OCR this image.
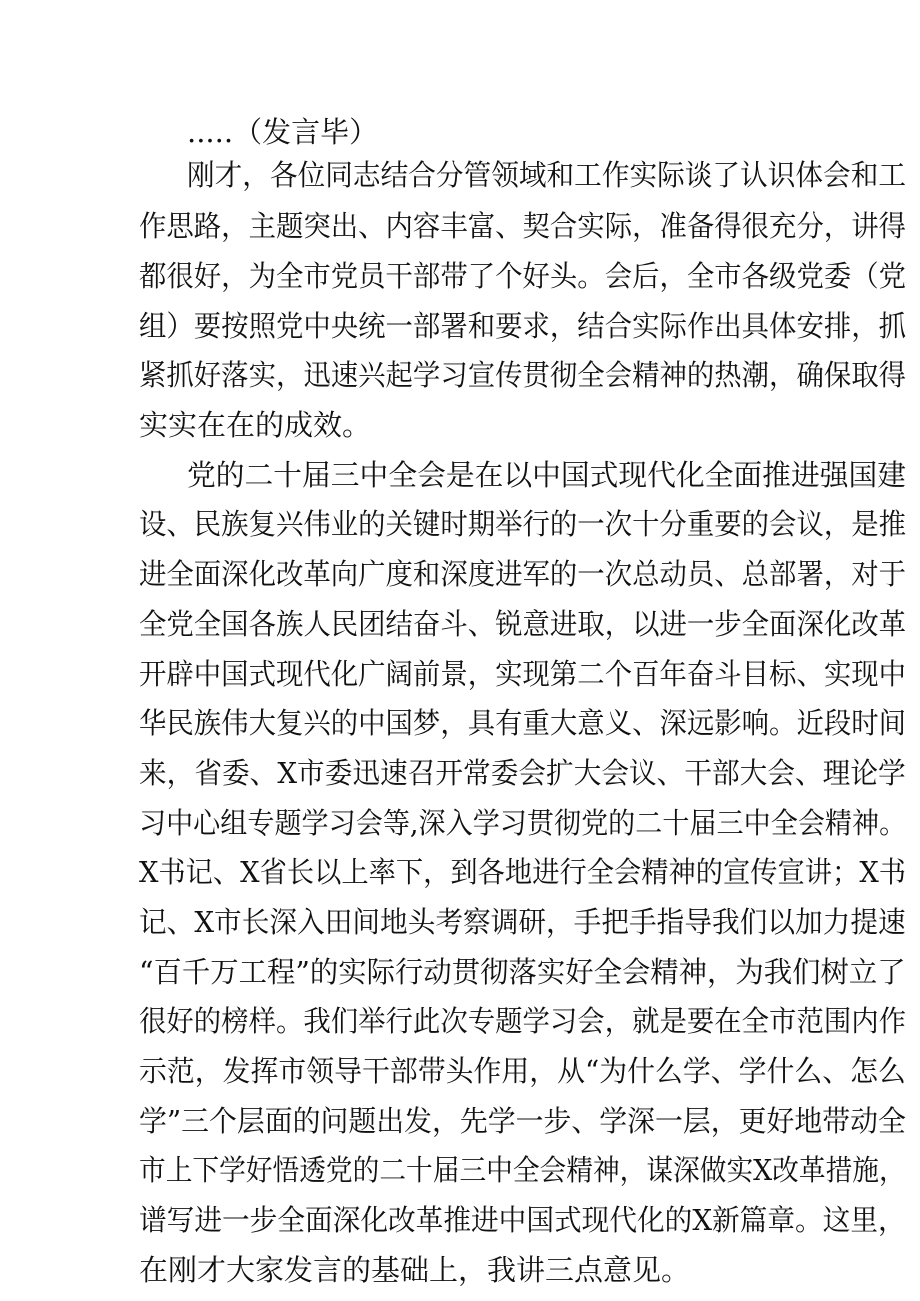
.....（发言毕）
刚才，各位同志结合分管领域和工作实际谈了认识体会和工
作思路，主题突出、内容丰富、契合实际，准备得很充分，讲得
都很好，为全市党员干部带了个好头。会后，全市各级党委（党
组）要按照党中央统一部署和要求，结合实际作出具体安排，抓
紧抓好落实，迅速兴起学习宣传贯彻全会精神的热潮，确保取得
实实在在的成效。
党的二十届三中全会是在以中国式现代化全面推进强国建
设、民族复兴伟业的关键时期举行的一次十分重要的会议，是推
进全面深化改革向广度和深度进军的一次总动员、总部署，对于
全党全国各族人民团结奋斗、锐意进取，以进一步全面深化改革
开辟中国式现代化广阔前景，实现第二个百年奋斗目标、实现中
华民族伟大复兴的中国梦，具有重大意义、深远影响。近段时间
来，省委、X市委迅速召开常委会扩大会议、干部大会、理论学
习中心组专题学习会等,深入学习贯彻党的二十届三中全会精神。
X书记、X省长以上率下，到各地进行全会精神的宣传宣讲；X书
记、X市长深入田间地头考察调研，手把手指导我们以加力提速
“百千万工程”的实际行动贯彻落实好全会精神，为我们树立了
很好的榜样。我们举行此次专题学习会，就是要在全市范围内作
示范，发挥市领导干部带头作用，从“为什么学、学什么、怎么
学”三个层面的问题出发，先学一步、学深一层，更好地带动全
市上下学好悟透党的二十届三中全会精神，谋深做实X改革措施，
谱写进一步全面深化改革推进中国式现代化的X新篇章。这里，
在刚才大家发言的基础上，我讲三点意见。
